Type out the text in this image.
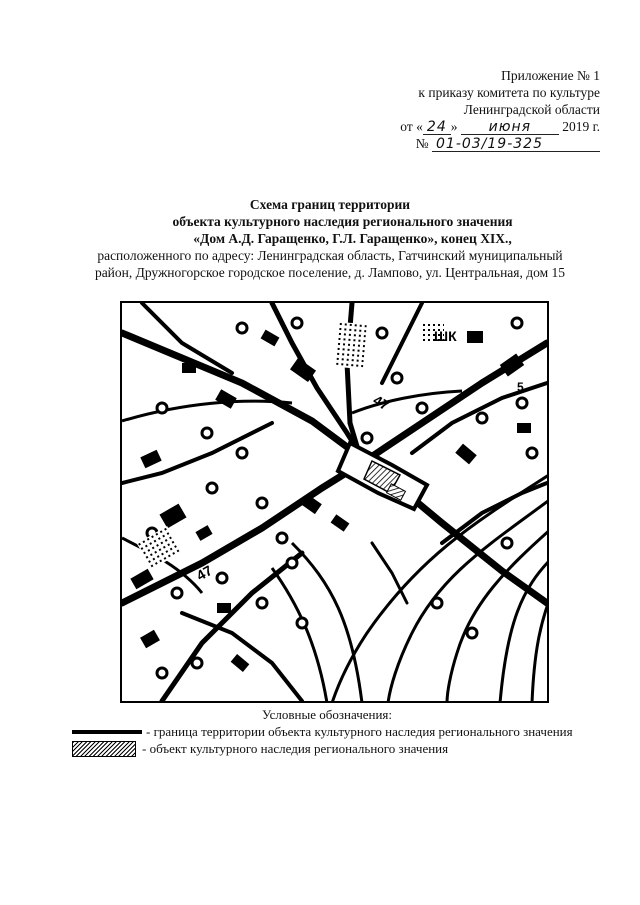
Приложение № 1
к приказу комитета по культуре
Ленинградской области
от « 24 » июня 2019 г.
№ 01-03/19-325
Схема границ территории
объекта культурного наследия регионального значения
«Дом А.Д. Гаращенко, Г.Л. Гаращенко», конец XIX.,
расположенного по адресу: Ленинградская область, Гатчинский муниципальный
район, Дружногорское городское поселение, д. Лампово, ул. Центральная, дом 15
ШК
47
47
5
Условные обозначения:
- граница территории объекта культурного наследия регионального значения
- объект культурного наследия регионального значения
